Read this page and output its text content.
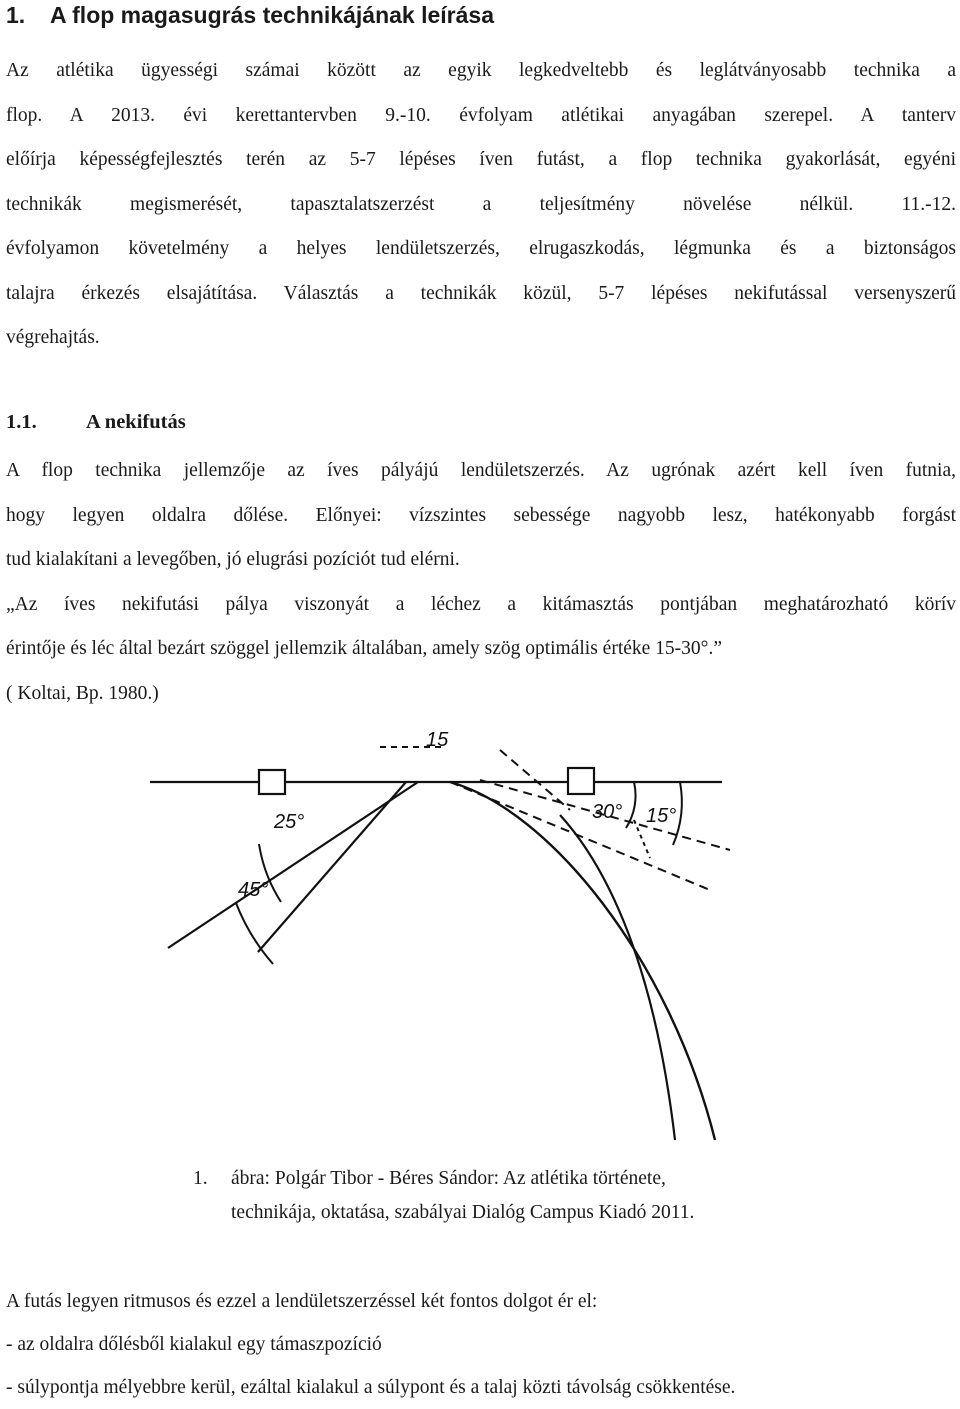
1. A flop magasugrás technikájának leírása

Az atlétika ügyességi számai között az egyik legkedveltebb és leglátványosabb technika a
flop. A 2013. évi kerettantervben 9.-10. évfolyam atlétikai anyagában szerepel. A tanterv
előírja képességfejlesztés terén az 5-7 lépéses íven futást, a flop technika gyakorlását, egyéni
technikák megismerését, tapasztalatszerzést a teljesítmény növelése nélkül. 11.-12.
évfolyamon követelmény a helyes lendületszerzés, elrugaszkodás, légmunka és a biztonságos
talajra érkezés elsajátítása. Választás a technikák közül, 5-7 lépéses nekifutással versenyszerű
végrehajtás.

1.1. A nekifutás

A flop technika jellemzője az íves pályájú lendületszerzés. Az ugrónak azért kell íven futnia,
hogy legyen oldalra dőlése. Előnyei: vízszintes sebessége nagyobb lesz, hatékonyabb forgást
tud kialakítani a levegőben, jó elugrási pozíciót tud elérni.
„Az íves nekifutási pálya viszonyát a léchez a kitámasztás pontjában meghatározható körív
érintője és léc által bezárt szöggel jellemzik általában, amely szög optimális értéke 15-30°.”
( Koltai, Bp. 1980.)

15
25°
45°
30° 15°
1. ábra: Polgár Tibor - Béres Sándor: Az atlétika története,
technikája, oktatása, szabályai Dialóg Campus Kiadó 2011.

A futás legyen ritmusos és ezzel a lendületszerzéssel két fontos dolgot ér el:
- az oldalra dőlésből kialakul egy támaszpozíció
- súlypontja mélyebbre kerül, ezáltal kialakul a súlypont és a talaj közti távolság csökkentése.
